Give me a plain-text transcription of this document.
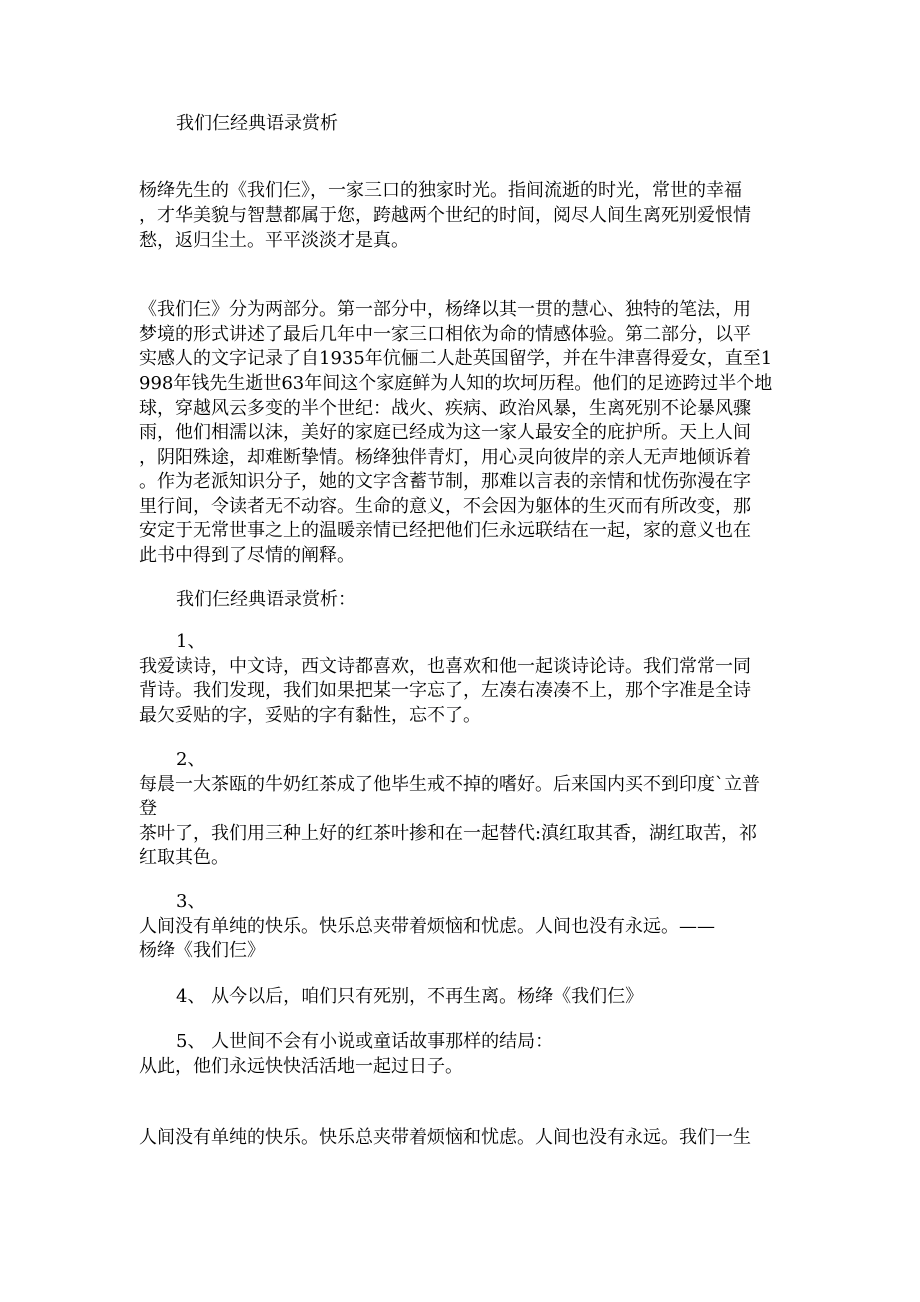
我们仨经典语录赏析
杨绛先生的《我们仨》，一家三口的独家时光。指间流逝的时光，常世的幸福
，才华美貌与智慧都属于您，跨越两个世纪的时间，阅尽人间生离死别爱恨情
愁，返归尘土。平平淡淡才是真。
《我们仨》分为两部分。第一部分中，杨绛以其一贯的慧心、独特的笔法，用
梦境的形式讲述了最后几年中一家三口相依为命的情感体验。第二部分，以平
实感人的文字记录了自1935年伉俪二人赴英国留学，并在牛津喜得爱女，直至1
998年钱先生逝世63年间这个家庭鲜为人知的坎坷历程。他们的足迹跨过半个地
球，穿越风云多变的半个世纪：战火、疾病、政治风暴，生离死别不论暴风骤
雨，他们相濡以沫，美好的家庭已经成为这一家人最安全的庇护所。天上人间
，阴阳殊途，却难断挚情。杨绛独伴青灯，用心灵向彼岸的亲人无声地倾诉着
。作为老派知识分子，她的文字含蓄节制，那难以言表的亲情和忧伤弥漫在字
里行间，令读者无不动容。生命的意义，不会因为躯体的生灭而有所改变，那
安定于无常世事之上的温暖亲情已经把他们仨永远联结在一起，家的意义也在
此书中得到了尽情的阐释。
我们仨经典语录赏析：
1、
我爱读诗，中文诗，西文诗都喜欢，也喜欢和他一起谈诗论诗。我们常常一同
背诗。我们发现，我们如果把某一字忘了，左凑右凑凑不上，那个字准是全诗
最欠妥贴的字，妥贴的字有黏性，忘不了。
2、
每晨一大茶瓯的牛奶红茶成了他毕生戒不掉的嗜好。后来国内买不到印度`立普
登
茶叶了，我们用三种上好的红茶叶掺和在一起替代:滇红取其香，湖红取苦，祁
红取其色。
3、
人间没有单纯的快乐。快乐总夹带着烦恼和忧虑。人间也没有永远。——
杨绛《我们仨》
4、 从今以后，咱们只有死别，不再生离。杨绛《我们仨》
5、 人世间不会有小说或童话故事那样的结局：
从此，他们永远快快活活地一起过日子。
人间没有单纯的快乐。快乐总夹带着烦恼和忧虑。人间也没有永远。我们一生
